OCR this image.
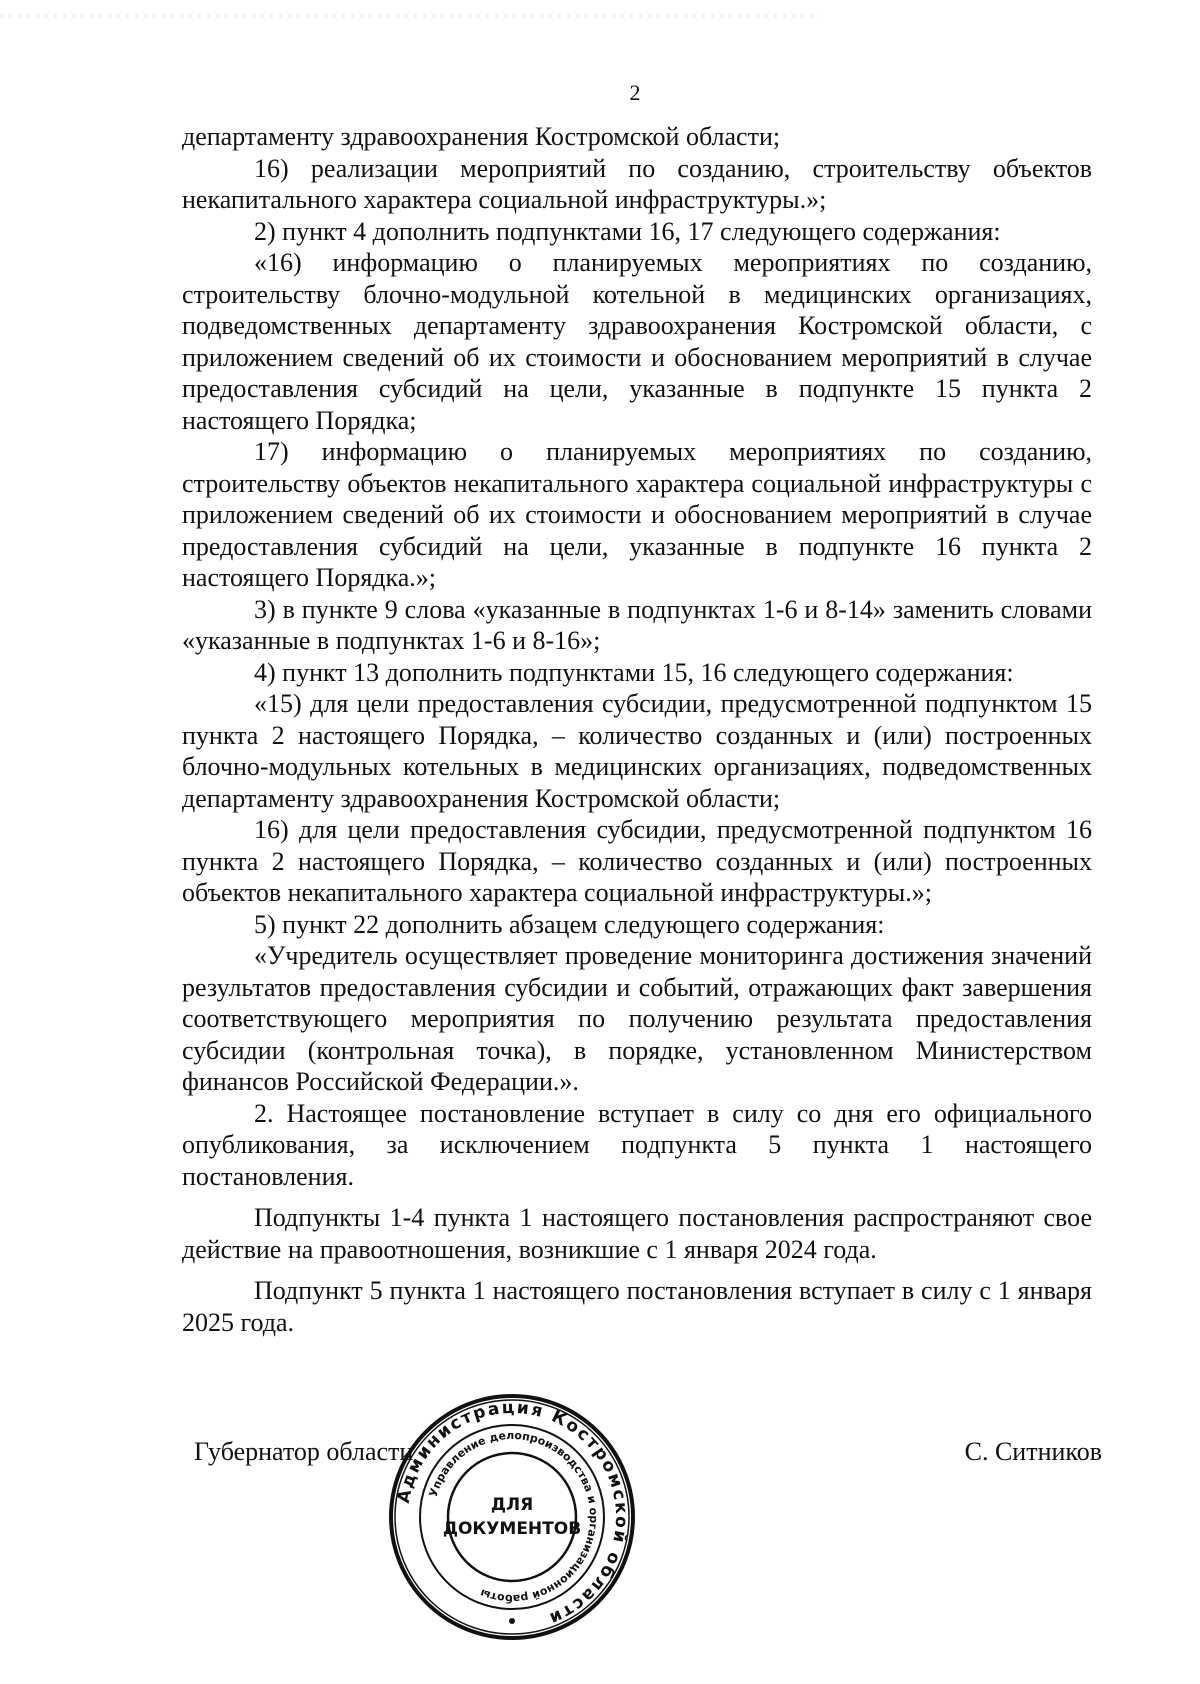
2

департаменту здравоохранения Костромской области;

16) реализации мероприятий по созданию, строительству объектов некапитального характера социальной инфраструктуры.»;

2) пункт 4 дополнить подпунктами 16, 17 следующего содержания:

«16) информацию о планируемых мероприятиях по созданию, строительству блочно-модульной котельной в медицинских организациях, подведомственных департаменту здравоохранения Костромской области, с приложением сведений об их стоимости и обоснованием мероприятий в случае предоставления субсидий на цели, указанные в подпункте 15 пункта 2 настоящего Порядка;

17) информацию о планируемых мероприятиях по созданию, строительству объектов некапитального характера социальной инфраструктуры с приложением сведений об их стоимости и обоснованием мероприятий в случае предоставления субсидий на цели, указанные в подпункте 16 пункта 2 настоящего Порядка.»;

3) в пункте 9 слова «указанные в подпунктах 1-6 и 8-14» заменить словами «указанные в подпунктах 1-6 и 8-16»;

4) пункт 13 дополнить подпунктами 15, 16 следующего содержания:

«15) для цели предоставления субсидии, предусмотренной подпунктом 15 пункта 2 настоящего Порядка, – количество созданных и (или) построенных блочно-модульных котельных в медицинских организациях, подведомственных департаменту здравоохранения Костромской области;

16) для цели предоставления субсидии, предусмотренной подпунктом 16 пункта 2 настоящего Порядка, – количество созданных и (или) построенных объектов некапитального характера социальной инфраструктуры.»;

5) пункт 22 дополнить абзацем следующего содержания:

«Учредитель осуществляет проведение мониторинга достижения значений результатов предоставления субсидии и событий, отражающих факт завершения соответствующего мероприятия по получению результата предоставления субсидии (контрольная точка), в порядке, установленном Министерством финансов Российской Федерации.».

2. Настоящее постановление вступает в силу со дня его официального опубликования, за исключением подпункта 5 пункта 1 настоящего постановления.

Подпункты 1-4 пункта 1 настоящего постановления распространяют свое действие на правоотношения, возникшие с 1 января 2024 года.

Подпункт 5 пункта 1 настоящего постановления вступает в силу с 1 января 2025 года.

Губернатор области	С. Ситников
Администрация Костромской области
Управление делопроизводства и организационной работы
ДЛЯ
ДОКУМЕНТОВ
